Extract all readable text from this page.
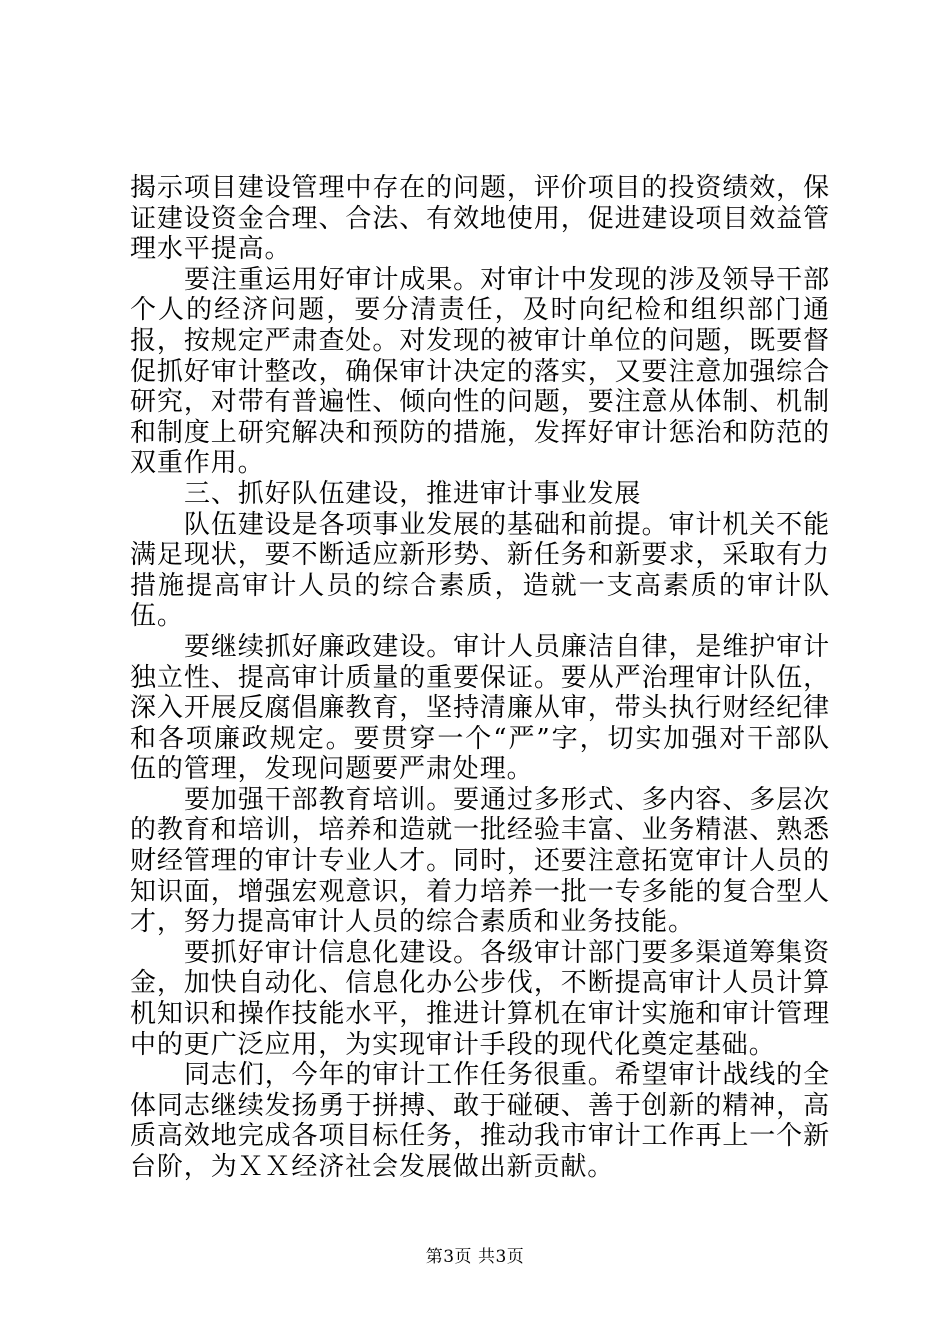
揭示项目建设管理中存在的问题，评价项目的投资绩效，保证建设资金合理、合法、有效地使用，促进建设项目效益管理水平提高。

要注重运用好审计成果。对审计中发现的涉及领导干部个人的经济问题，要分清责任，及时向纪检和组织部门通报，按规定严肃查处。对发现的被审计单位的问题，既要督促抓好审计整改，确保审计决定的落实，又要注意加强综合研究，对带有普遍性、倾向性的问题，要注意从体制、机制和制度上研究解决和预防的措施，发挥好审计惩治和防范的双重作用。

三、抓好队伍建设，推进审计事业发展

队伍建设是各项事业发展的基础和前提。审计机关不能满足现状，要不断适应新形势、新任务和新要求，采取有力措施提高审计人员的综合素质，造就一支高素质的审计队伍。

要继续抓好廉政建设。审计人员廉洁自律，是维护审计独立性、提高审计质量的重要保证。要从严治理审计队伍，深入开展反腐倡廉教育，坚持清廉从审，带头执行财经纪律和各项廉政规定。要贯穿一个“严”字，切实加强对干部队伍的管理，发现问题要严肃处理。

要加强干部教育培训。要通过多形式、多内容、多层次的教育和培训，培养和造就一批经验丰富、业务精湛、熟悉财经管理的审计专业人才。同时，还要注意拓宽审计人员的知识面，增强宏观意识，着力培养一批一专多能的复合型人才，努力提高审计人员的综合素质和业务技能。

要抓好审计信息化建设。各级审计部门要多渠道筹集资金，加快自动化、信息化办公步伐，不断提高审计人员计算机知识和操作技能水平，推进计算机在审计实施和审计管理中的更广泛应用，为实现审计手段的现代化奠定基础。

同志们，今年的审计工作任务很重。希望审计战线的全体同志继续发扬勇于拼搏、敢于碰硬、善于创新的精神，高质高效地完成各项目标任务，推动我市审计工作再上一个新台阶，为ＸＸ经济社会发展做出新贡献。

第3页 共3页
